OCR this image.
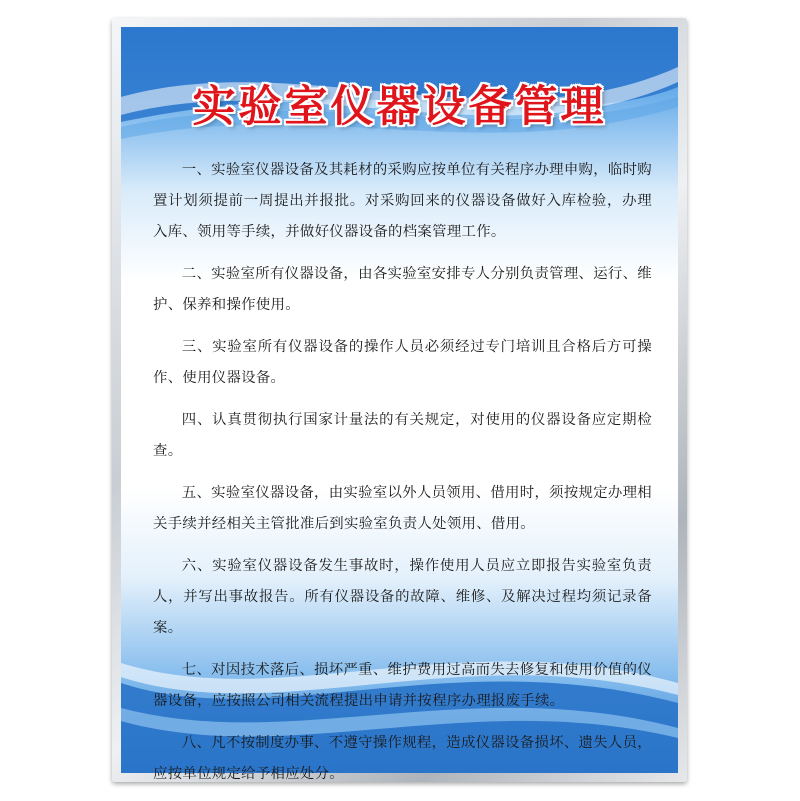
实验室仪器设备管理

一、实验室仪器设备及其耗材的采购应按单位有关程序办理申购，临时购置计划须提前一周提出并报批。对采购回来的仪器设备做好入库检验，办理入库、领用等手续，并做好仪器设备的档案管理工作。

二、实验室所有仪器设备，由各实验室安排专人分别负责管理、运行、维护、保养和操作使用。

三、实验室所有仪器设备的操作人员必须经过专门培训且合格后方可操作、使用仪器设备。

四、认真贯彻执行国家计量法的有关规定，对使用的仪器设备应定期检查。

五、实验室仪器设备，由实验室以外人员领用、借用时，须按规定办理相关手续并经相关主管批准后到实验室负责人处领用、借用。

六、实验室仪器设备发生事故时，操作使用人员应立即报告实验室负责人，并写出事故报告。所有仪器设备的故障、维修、及解决过程均须记录备案。

七、对因技术落后、损坏严重、维护费用过高而失去修复和使用价值的仪器设备，应按照公司相关流程提出申请并按程序办理报废手续。

八、凡不按制度办事、不遵守操作规程，造成仪器设备损坏、遗失人员，应按单位规定给予相应处分。
